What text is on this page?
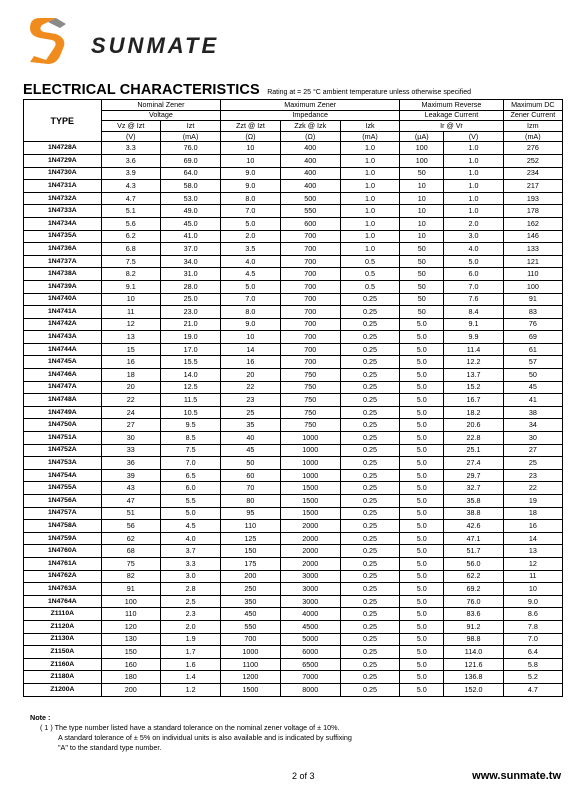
SUNMATE
ELECTRICAL CHARACTERISTICS Rating at = 25 °C ambient temperature unless otherwise specified
TYPE	Nominal Zener		Maximum Zener			Maximum Reverse		Maximum DC
	Voltage		Impedance			Leakage Current		Zener Current
	Vz @ Izt	Izt	Zzt @ Izt	Zzk @ Izk	Izk	Ir @ Vr		Izm
	(V)	(mA)	(Ω)	(Ω)	(mA)	(µA)	(V)	(mA)
1N4728A	3.3	76.0	10	400	1.0	100	1.0	276
1N4729A	3.6	69.0	10	400	1.0	100	1.0	252
1N4730A	3.9	64.0	9.0	400	1.0	50	1.0	234
1N4731A	4.3	58.0	9.0	400	1.0	10	1.0	217
1N4732A	4.7	53.0	8.0	500	1.0	10	1.0	193
1N4733A	5.1	49.0	7.0	550	1.0	10	1.0	178
1N4734A	5.6	45.0	5.0	600	1.0	10	2.0	162
1N4735A	6.2	41.0	2.0	700	1.0	10	3.0	146
1N4736A	6.8	37.0	3.5	700	1.0	50	4.0	133
1N4737A	7.5	34.0	4.0	700	0.5	50	5.0	121
1N4738A	8.2	31.0	4.5	700	0.5	50	6.0	110
1N4739A	9.1	28.0	5.0	700	0.5	50	7.0	100
1N4740A	10	25.0	7.0	700	0.25	50	7.6	91
1N4741A	11	23.0	8.0	700	0.25	50	8.4	83
1N4742A	12	21.0	9.0	700	0.25	5.0	9.1	76
1N4743A	13	19.0	10	700	0.25	5.0	9.9	69
1N4744A	15	17.0	14	700	0.25	5.0	11.4	61
1N4745A	16	15.5	16	700	0.25	5.0	12.2	57
1N4746A	18	14.0	20	750	0.25	5.0	13.7	50
1N4747A	20	12.5	22	750	0.25	5.0	15.2	45
1N4748A	22	11.5	23	750	0.25	5.0	16.7	41
1N4749A	24	10.5	25	750	0.25	5.0	18.2	38
1N4750A	27	9.5	35	750	0.25	5.0	20.6	34
1N4751A	30	8.5	40	1000	0.25	5.0	22.8	30
1N4752A	33	7.5	45	1000	0.25	5.0	25.1	27
1N4753A	36	7.0	50	1000	0.25	5.0	27.4	25
1N4754A	39	6.5	60	1000	0.25	5.0	29.7	23
1N4755A	43	6.0	70	1500	0.25	5.0	32.7	22
1N4756A	47	5.5	80	1500	0.25	5.0	35.8	19
1N4757A	51	5.0	95	1500	0.25	5.0	38.8	18
1N4758A	56	4.5	110	2000	0.25	5.0	42.6	16
1N4759A	62	4.0	125	2000	0.25	5.0	47.1	14
1N4760A	68	3.7	150	2000	0.25	5.0	51.7	13
1N4761A	75	3.3	175	2000	0.25	5.0	56.0	12
1N4762A	82	3.0	200	3000	0.25	5.0	62.2	11
1N4763A	91	2.8	250	3000	0.25	5.0	69.2	10
1N4764A	100	2.5	350	3000	0.25	5.0	76.0	9.0
Z1110A	110	2.3	450	4000	0.25	5.0	83.6	8.6
Z1120A	120	2.0	550	4500	0.25	5.0	91.2	7.8
Z1130A	130	1.9	700	5000	0.25	5.0	98.8	7.0
Z1150A	150	1.7	1000	6000	0.25	5.0	114.0	6.4
Z1160A	160	1.6	1100	6500	0.25	5.0	121.6	5.8
Z1180A	180	1.4	1200	7000	0.25	5.0	136.8	5.2
Z1200A	200	1.2	1500	8000	0.25	5.0	152.0	4.7
Note :
( 1 ) The type number listed have a standard tolerance on the nominal zener voltage of ± 10%.
A standard tolerance of ± 5% on individual units is also available and is indicated by suffixing
"A" to the standard type number.
2 of 3	www.sunmate.tw
